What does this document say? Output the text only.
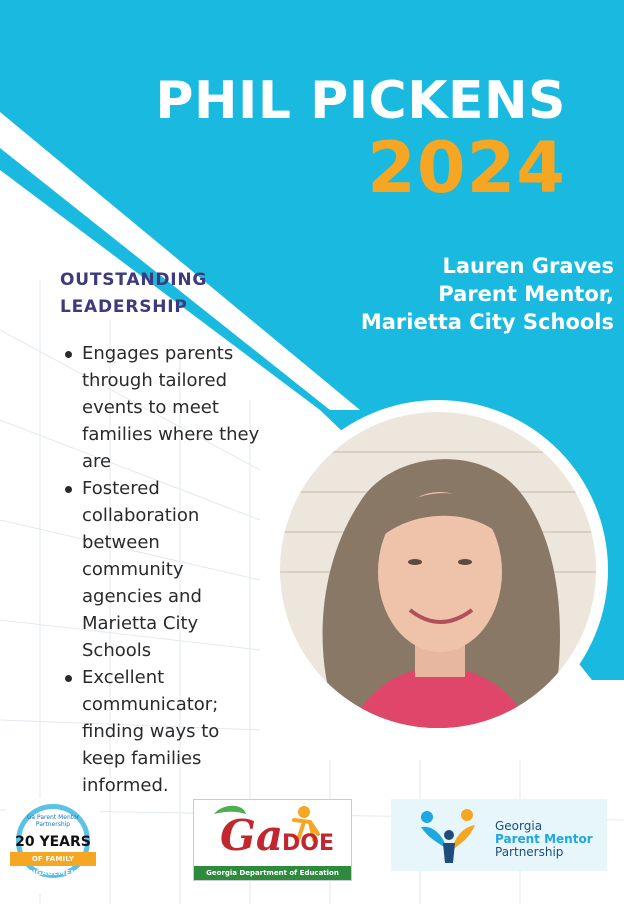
PHIL PICKENS
2024
Lauren Graves
Parent Mentor,
Marietta City Schools
OUTSTANDING
LEADERSHIP
Engages parents through tailored events to meet families where they are
Fostered collaboration between community agencies and Marietta City Schools
Excellent communicator; finding ways to keep families informed.
Ga Parent Mentor Partnership
20 YEARS
OF FAMILY ENGAGEMENT
Ga
DOE
Georgia Department of Education
Georgia
Parent Mentor
Partnership
